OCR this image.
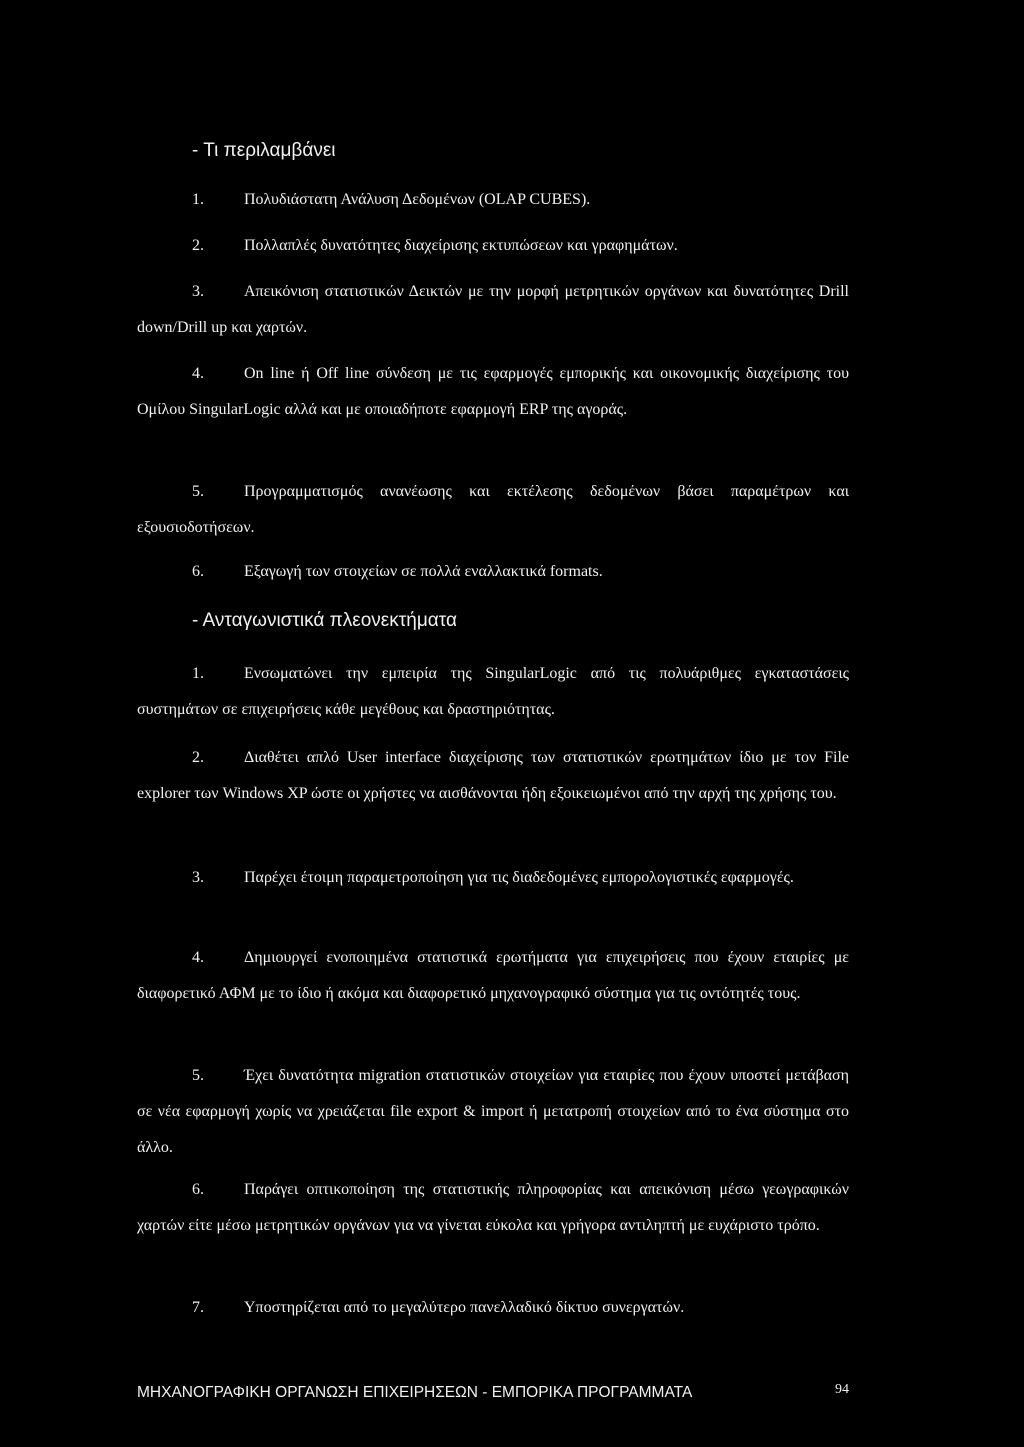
- Τι περιλαμβάνει

1.	Πολυδιάστατη Ανάλυση Δεδομένων (OLAP CUBES).

2.	Πολλαπλές δυνατότητες διαχείρισης εκτυπώσεων και γραφημάτων.

3.	Απεικόνιση στατιστικών Δεικτών με την μορφή μετρητικών οργάνων και δυνατότητες Drill down/Drill up και χαρτών.

4.	On line ή Off line σύνδεση με τις εφαρμογές εμπορικής και οικονομικής διαχείρισης του Ομίλου SingularLogic αλλά και με οποιαδήποτε εφαρμογή ERP της αγοράς.

5.	Προγραμματισμός ανανέωσης και εκτέλεσης δεδομένων βάσει παραμέτρων και εξουσιοδοτήσεων.

6.	Εξαγωγή των στοιχείων σε πολλά εναλλακτικά formats.

- Ανταγωνιστικά πλεονεκτήματα

1.	Ενσωματώνει την εμπειρία της SingularLogic από τις πολυάριθμες εγκαταστάσεις συστημάτων σε επιχειρήσεις κάθε μεγέθους και δραστηριότητας.

2.	Διαθέτει απλό User interface διαχείρισης των στατιστικών ερωτημάτων ίδιο με τον File explorer των Windows XP ώστε οι χρήστες να αισθάνονται ήδη εξοικειωμένοι από την αρχή της χρήσης του.

3.	Παρέχει έτοιμη παραμετροποίηση για τις διαδεδομένες εμπορολογιστικές εφαρμογές.

4.	Δημιουργεί ενοποιημένα στατιστικά ερωτήματα για επιχειρήσεις που έχουν εταιρίες με διαφορετικό ΑΦΜ με το ίδιο ή ακόμα και διαφορετικό μηχανογραφικό σύστημα για τις οντότητές τους.

5.	Έχει δυνατότητα migration στατιστικών στοιχείων για εταιρίες που έχουν υποστεί μετάβαση σε νέα εφαρμογή χωρίς να χρειάζεται file export & import ή μετατροπή στοιχείων από το ένα σύστημα στο άλλο.

6.	Παράγει οπτικοποίηση της στατιστικής πληροφορίας και απεικόνιση μέσω γεωγραφικών χαρτών είτε μέσω μετρητικών οργάνων για να γίνεται εύκολα και γρήγορα αντιληπτή με ευχάριστο τρόπο.

7.	Υποστηρίζεται από το μεγαλύτερο πανελλαδικό δίκτυο συνεργατών.

ΜΗΧΑΝΟΓΡΑΦΙΚΗ ΟΡΓΑΝΩΣΗ ΕΠΙΧΕΙΡΗΣΕΩΝ - ΕΜΠΟΡΙΚΑ ΠΡΟΓΡΑΜΜΑΤΑ	94
